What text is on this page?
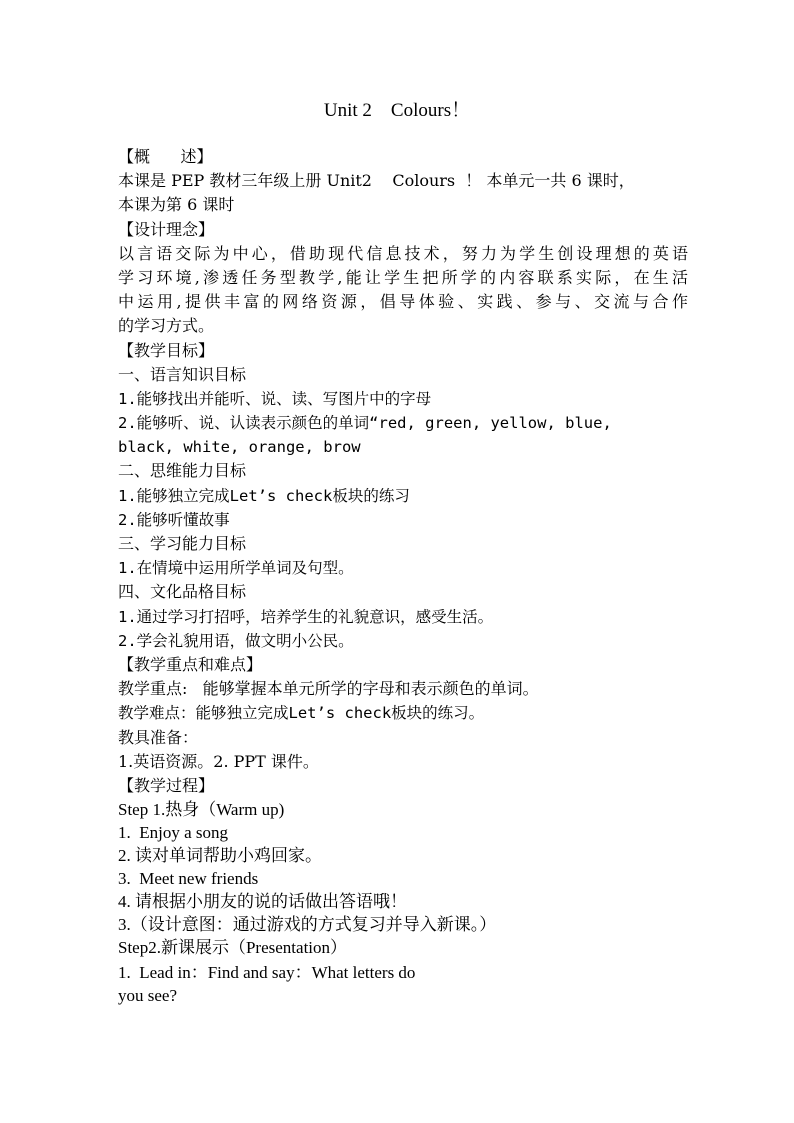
Unit 2    Colours！
【概      述】
本课是 PEP 教材三年级上册 Unit2    Colours  ！ 本单元一共 6 课时，
本课为第 6 课时
【设计理念】
以言语交际为中心，借助现代信息技术，努力为学生创设理想的英语
学习环境,渗透任务型教学,能让学生把所学的内容联系实际，在生活
中运用,提供丰富的网络资源，倡导体验、实践、参与、交流与合作
的学习方式。
【教学目标】
一、语言知识目标
1.能够找出并能听、说、读、写图片中的字母
2.能够听、说、认读表示颜色的单词“red, green, yellow, blue,
black, white, orange, brow
二、思维能力目标
1.能够独立完成Let’s check板块的练习
2.能够听懂故事
三、学习能力目标
1.在情境中运用所学单词及句型。
四、文化品格目标
1.通过学习打招呼，培养学生的礼貌意识，感受生活。
2.学会礼貌用语，做文明小公民。
【教学重点和难点】
教学重点:   能够掌握本单元所学的字母和表示颜色的单词。
教学难点：能够独立完成Let’s check板块的练习。
教具准备：
1.英语资源。2. PPT 课件。
【教学过程】
Step 1.热身（Warm up)
1.  Enjoy a song
2. 读对单词帮助小鸡回家。
3.  Meet new friends
4. 请根据小朋友的说的话做出答语哦！
3.（设计意图：通过游戏的方式复习并导入新课。）
Step2.新课展示（Presentation）
1.  Lead in：Find and say：What letters do
you see?
